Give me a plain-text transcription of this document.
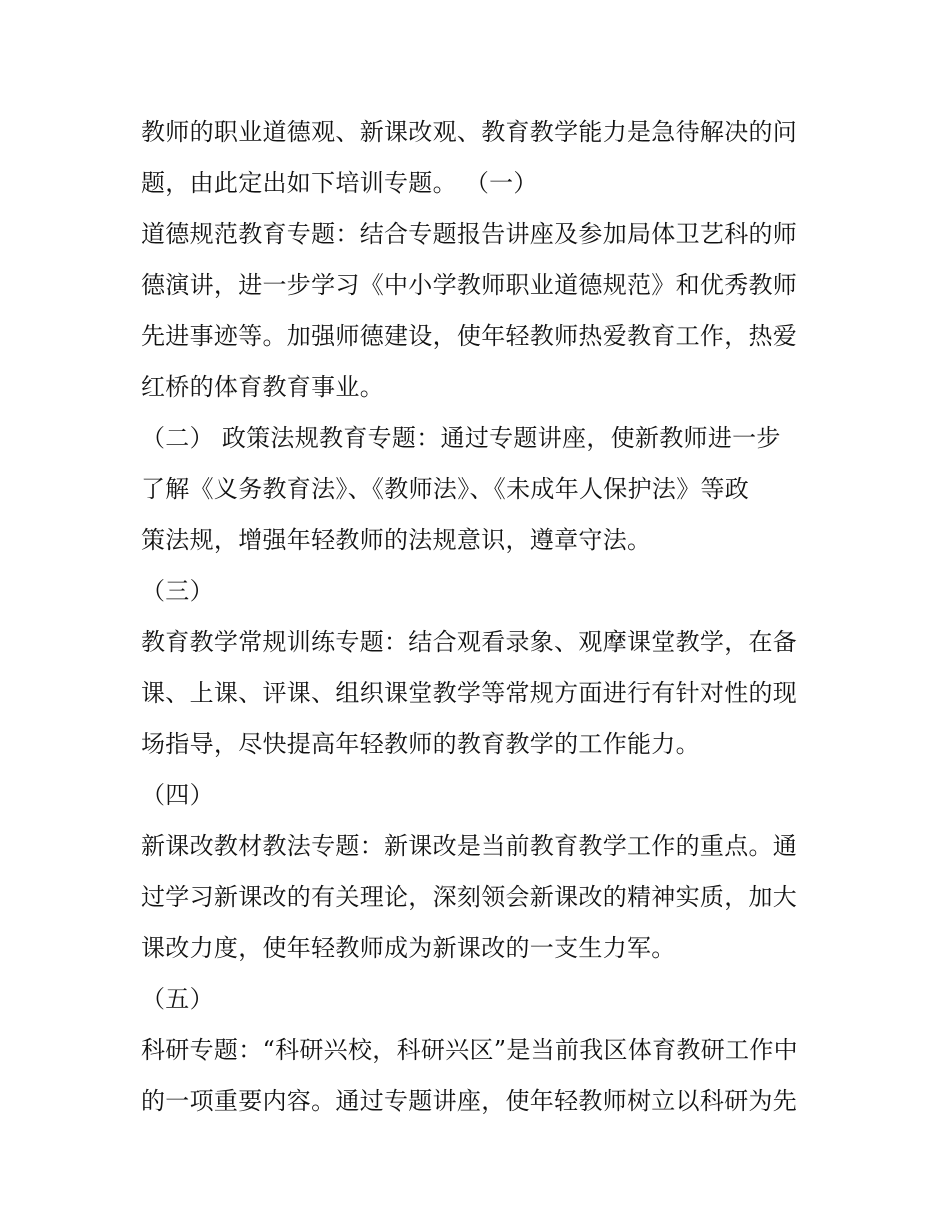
教师的职业道德观、新课改观、教育教学能力是急待解决的问
题，由此定出如下培训专题。 （一）
道德规范教育专题：结合专题报告讲座及参加局体卫艺科的师
德演讲，进一步学习《中小学教师职业道德规范》和优秀教师
先进事迹等。加强师德建设，使年轻教师热爱教育工作，热爱
红桥的体育教育事业。
（二） 政策法规教育专题：通过专题讲座，使新教师进一步
了解《义务教育法》、《教师法》、《未成年人保护法》等政
策法规，增强年轻教师的法规意识，遵章守法。
（三）
教育教学常规训练专题：结合观看录象、观摩课堂教学，在备
课、上课、评课、组织课堂教学等常规方面进行有针对性的现
场指导，尽快提高年轻教师的教育教学的工作能力。
（四）
新课改教材教法专题：新课改是当前教育教学工作的重点。通
过学习新课改的有关理论，深刻领会新课改的精神实质，加大
课改力度，使年轻教师成为新课改的一支生力军。
（五）
科研专题：“科研兴校，科研兴区”是当前我区体育教研工作中
的一项重要内容。通过专题讲座，使年轻教师树立以科研为先
